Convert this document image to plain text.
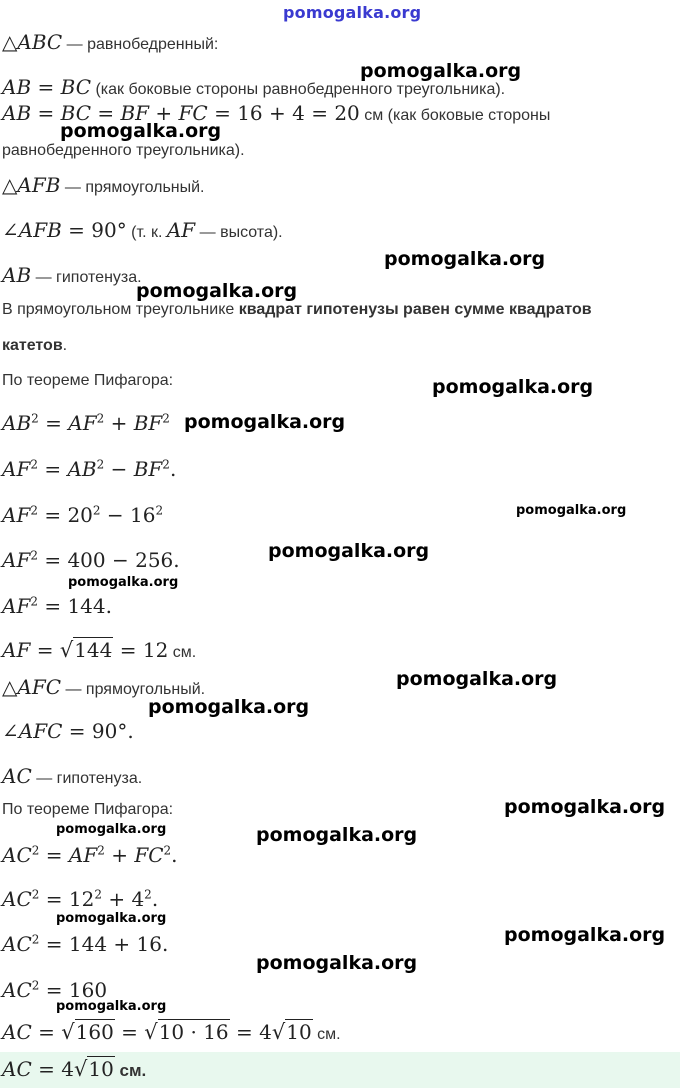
pomogalka.org
△ABC — равнобедренный:
AB = BC (как боковые стороны равнобедренного треугольника).
AB = BC = BF + FC = 16 + 4 = 20 см (как боковые стороны
равнобедренного треугольника).
△AFB — прямоугольный.
∠AFB = 90° (т. к. AF — высота).
AB — гипотенуза.
В прямоугольном треугольнике квадрат гипотенузы равен сумме квадратов
катетов.
По теореме Пифагора:
$AB^2 = AF^2 + BF^2$
$AF^2 = AB^2 - BF^2$.
$AF^2 = 20^2 - 16^2$
$AF^2 = 400 - 256$.
$AF^2 = 144$.
AF = √144 = 12 см.
△AFC — прямоугольный.
∠AFC = 90°.
AC — гипотенуза.
По теореме Пифагора:
$AC^2 = AF^2 + FC^2$.
$AC^2 = 12^2 + 4^2$.
$AC^2 = 144 + 16$.
$AC^2 = 160$
AC = √160 = √10 · 16 = 4√10 см.
AC = 4√10 см.
pomogalka.org
pomogalka.org
pomogalka.org
pomogalka.org
pomogalka.org
pomogalka.org
pomogalka.org
pomogalka.org
pomogalka.org
pomogalka.org
pomogalka.org
pomogalka.org
pomogalka.org	pomogalka.org
pomogalka.org
pomogalka.org
pomogalka.org
pomogalka.org
